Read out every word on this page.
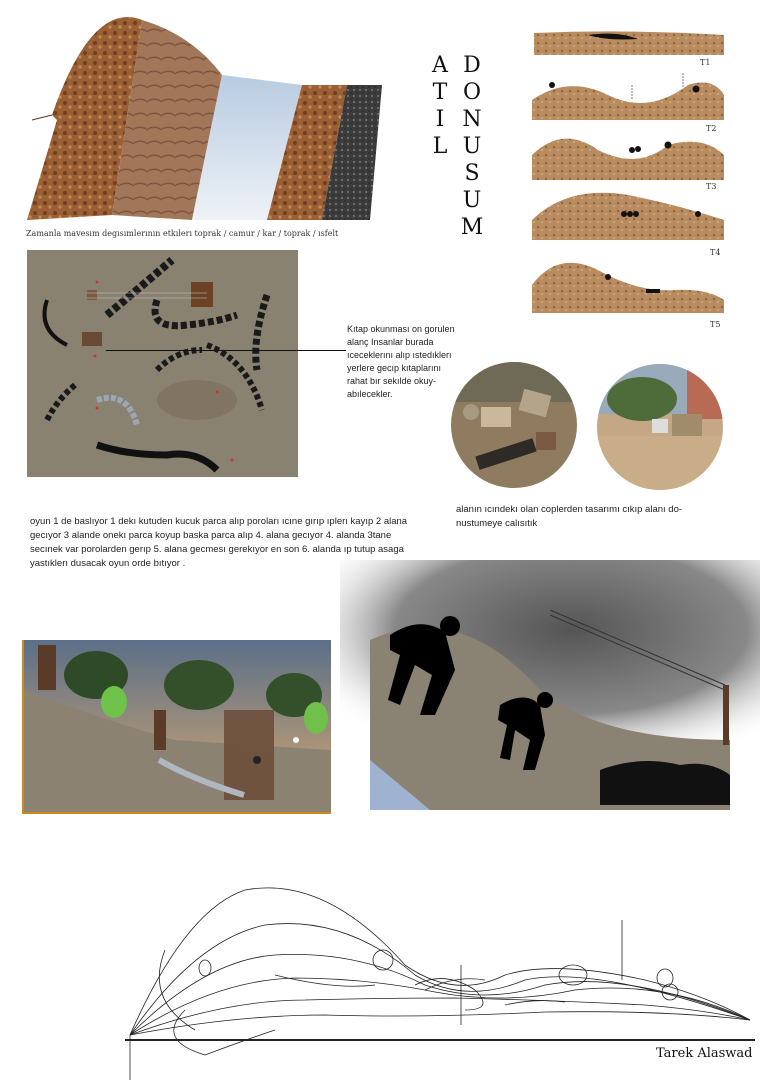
Zamanla mavesım degısımlerının etkılerı toprak / camur / kar / toprak / ısfelt
A
T
I
L
D
O
N
U
S
U
M
T1
T2
T3
T4
T5
Kıtap okunması on gorulen alanç Insanlar burada ıceceklerını alıp ıstedıklerı yerlere gecıp kıtaplarını rahat bır sekılde okuy-abılecekler.
alanın ıcındekı olan coplerden tasarımı cıkıp alanı do-nustumeye calısıtık
oyun 1 de baslıyor 1 dekı kutuden kucuk parca alıp poroları ıcıne gırıp ıplerı kayıp 2 alana gecıyor 3 alande onekı parca koyup baska parca alıp 4. alana gecıyor 4. alanda 3tane secınek var porolarden gerıp 5. alana gecmesı gerekıyor en son 6. alanda ıp tutup asaga yastıklerı dusacak oyun orde bıtıyor .
Tarek Alaswad
